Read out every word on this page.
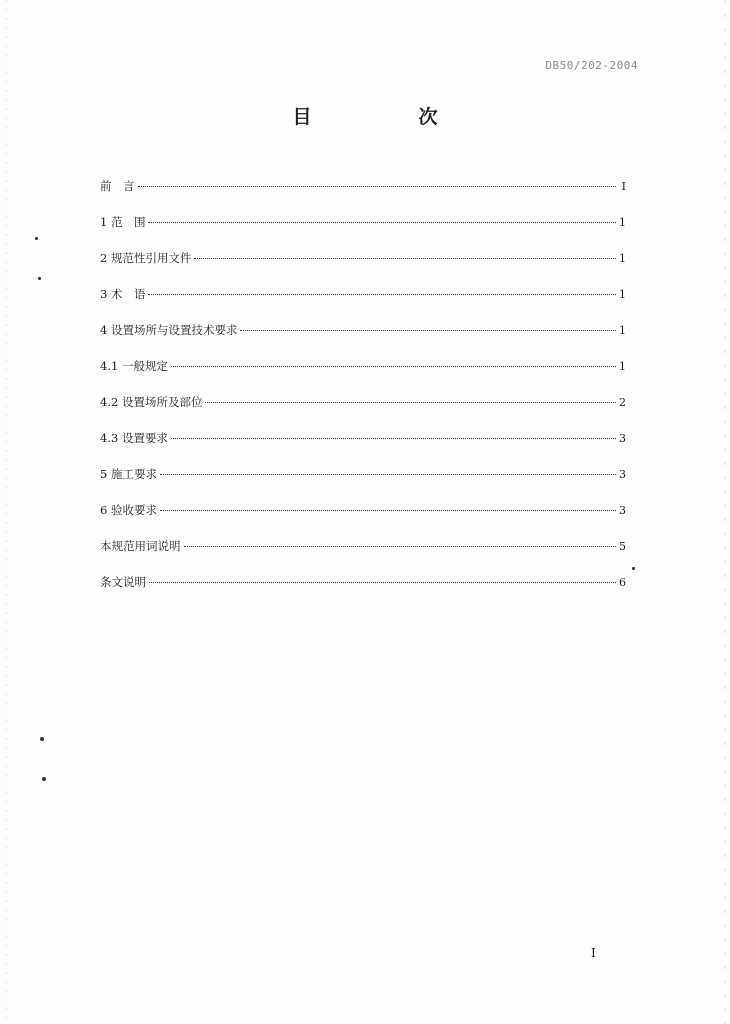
DB50/202-2004
目　次
前　言	I
1 范　围	1
2 规范性引用文件	1
3 术　语	1
4 设置场所与设置技术要求	1
4.1 一般规定	1
4.2 设置场所及部位	2
4.3 设置要求	3
5 施工要求	3
6 验收要求	3
本规范用词说明	5
条文说明	6
I
